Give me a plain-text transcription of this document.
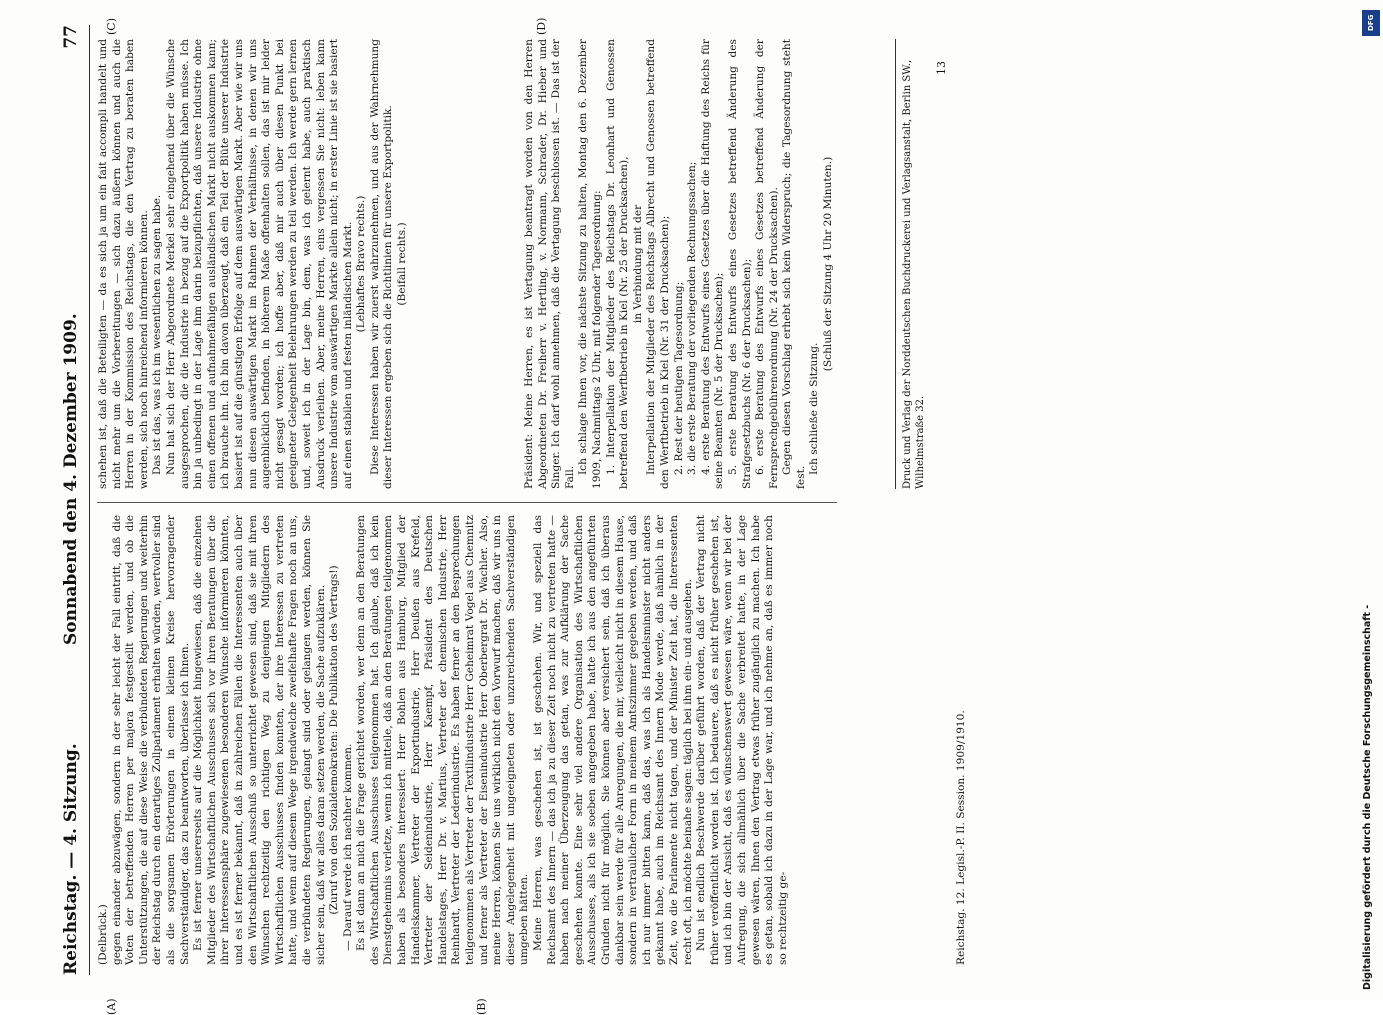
Reichstag. — 4. Sitzung.
Sonnabend den 4. Dezember 1909.
77

(Delbrück.) gegen einander abzuwägen, sondern in der sehr leicht der Fall eintritt, daß die Voten der betreffenden Herren per majora festgestellt werden, und ob die Unterstützungen, die auf diese Weise die verbündeten Regierungen und weiterhin der Reichstag durch ein derartiges Zollparlament erhalten würden, wertvoller sind als die sorgsamen Erörterungen in einem kleinen Kreise hervorragender Sachverständiger, das zu beantworten, überlasse ich Ihnen. Es ist ferner unsererseits auf die Möglichkeit hingewiesen, daß die einzelnen Mitglieder des Wirtschaftlichen Ausschusses sich vor ihren Beratungen über die ihrer Interessensphäre zugewiesenen besonderen Wünsche informieren könnten, und es ist ferner bekannt, daß in zahlreichen Fällen die Interessenten auch über den Wirtschaftlichen Ausschuß so unterrichtet gewesen sind, daß sie mit ihren Wünschen rechtzeitig den richtigen Weg zu denjenigen Mitgliedern des Wirtschaftlichen Ausschusses finden konnten, der ihre Interessen zu vertreten hatte, und wenn auf diesem Wege irgendwelche zweifelhafte Fragen noch an uns, die verbündeten Regierungen, gelangt sind oder gelangen werden, können Sie sicher sein, daß wir alles daran setzen werden, die Sache aufzuklären. (Zuruf von den Sozialdemokraten: Die Publikation des Vertrags!) — Darauf werde ich nachher kommen. Es ist dann an mich die Frage gerichtet worden, wer denn an den Beratungen des Wirtschaftlichen Ausschusses teilgenommen hat. Ich glaube, daß ich kein Dienstgeheimnis verletze, wenn ich mitteile, daß an den Beratungen teilgenommen haben als besonders interessiert: Herr Bohlen aus Hamburg, Mitglied der Handelskammer, Vertreter der Exportindustrie, Herr Deußen aus Krefeld, Vertreter der Seidenindustrie, Herr Kaempf, Präsident des Deutschen Handelstages, Herr Dr. v. Martius, Vertreter der chemischen Industrie, Herr Reinhardt, Vertreter der Lederindustrie. Es haben ferner an den Besprechungen teilgenommen als Vertreter der Textilindustrie Herr Geheimrat Vogel aus Chemnitz und ferner als Vertreter der Eisenindustrie Herr Oberbergrat Dr. Wachler. Also, meine Herren, können Sie uns wirklich nicht den Vorwurf machen, daß wir uns in dieser Angelegenheit mit ungeeigneten oder unzureichenden Sachverständigen umgeben hätten. Meine Herren, was geschehen ist, ist geschehen. Wir, und speziell das Reichsamt des Innern — das ich ja zu dieser Zeit noch nicht zu vertreten hatte — haben nach meiner Überzeugung das getan, was zur Aufklärung der Sache geschehen konnte. Eine sehr viel andere Organisation des Wirtschaftlichen Ausschusses, als ich sie soeben angegeben habe, hatte ich aus den angeführten Gründen nicht für möglich. Sie können aber versichert sein, daß ich überaus dankbar sein werde für alle Anregungen, die mir, vielleicht nicht in diesem Hause, sondern in vertraulicher Form in meinem Amtszimmer gegeben werden, und daß ich nur immer bitten kann, daß das, was ich als Handelsminister nicht anders gekannt habe, auch im Reichsamt des Innern Mode werde, daß nämlich in der Zeit, wo die Parlamente nicht tagen, und der Minister Zeit hat, die Interessenten recht oft, ich möchte beinahe sagen: täglich bei ihm ein- und ausgehen. Nun ist endlich Beschwerde darüber geführt worden, daß der Vertrag nicht früher veröffentlicht worden ist. Ich bedauere, daß es nicht früher geschehen ist, und ich bin der Ansicht, daß es wünschenswert gewesen wäre, wenn wir bei der Aufregung, die sich allmählich über die Sache verbreitet hatte, in der Lage gewesen wären, Ihnen den Vertrag etwas früher zugänglich zu machen. Ich habe es getan, sobald ich dazu in der Lage war, und ich nehme an, daß es immer noch so rechtzeitig ge-

schehen ist, daß die Beteiligten — da es sich ja um ein fait accompli handelt und nicht mehr um die Vorbereitungen — sich dazu äußern können und auch die Herren in der Kommission des Reichstags, die den Vertrag zu beraten haben werden, sich noch hinreichend informieren können. Das ist das, was ich im wesentlichen zu sagen habe. Nun hat sich der Herr Abgeordnete Merkel sehr eingehend über die Wünsche ausgesprochen, die die Industrie in bezug auf die Exportpolitik haben müsse. Ich bin ja unbedingt in der Lage ihm darin beizupflichten, daß unsere Industrie ohne einen offenen und aufnahmefähigen ausländischen Markt nicht auskommen kann; ich brauche ihn. Ich bin davon überzeugt, daß ein Teil der Blüte unserer Industrie basiert ist auf die günstigen Erfolge auf dem auswärtigen Markt. Aber wie wir uns nun diesen auswärtigen Markt im Rahmen der Verhältnisse, in denen wir uns augenblicklich befinden, in höherem Maße offenhalten sollen, das ist mir leider nicht gesagt worden; ich hoffe aber, daß mir auch über diesen Punkt bei geeigneter Gelegenheit Belehrungen werden zu teil werden. Ich werde gern lernen und, soweit ich in der Lage bin, dem, was ich gelernt habe, auch praktisch Ausdruck verleihen. Aber, meine Herren, eins vergessen Sie nicht: leben kann unsere Industrie vom auswärtigen Markte allein nicht; in erster Linie ist sie basiert auf einen stabilen und festen inländischen Markt. (Lebhaftes Bravo rechts.) Diese Interessen haben wir zuerst wahrzunehmen, und aus der Wahrnehmung dieser Interessen ergeben sich die Richtlinien für unsere Exportpolitik. (Beifall rechts.)	Präsident: Meine Herren, es ist Vertagung beantragt worden von den Herren Abgeordneten Dr. Freiherr v. Hertling, v. Normann, Schrader, Dr. Hieber und Singer. Ich darf wohl annehmen, daß die Vertagung beschlossen ist. — Das ist der Fall.

Ich schlage Ihnen vor, die nächste Sitzung zu halten, Montag den 6. Dezember 1909, Nachmittags 2 Uhr, mit folgender Tagesordnung: 1. Interpellation der Mitglieder des Reichstags Dr. Leonhart und Genossen betreffend den Werftbetrieb in Kiel (Nr. 25 der Drucksachen), in Verbindung mit der Interpellation der Mitglieder des Reichstags Albrecht und Genossen betreffend den Werftbetrieb in Kiel (Nr. 31 der Drucksachen); 2. Rest der heutigen Tagesordnung; 3. die erste Beratung der vorliegenden Rechnungssachen; 4. erste Beratung des Entwurfs eines Gesetzes über die Haftung des Reichs für seine Beamten (Nr. 5 der Drucksachen); 5. erste Beratung des Entwurfs eines Gesetzes betreffend Änderung des Strafgesetzbuchs (Nr. 6 der Drucksachen); 6. erste Beratung des Entwurfs eines Gesetzes betreffend Änderung der Fernsprechgebührenordnung (Nr. 24 der Drucksachen). Gegen diesen Vorschlag erhebt sich kein Widerspruch; die Tagesordnung steht fest.

Ich schließe die Sitzung.

(Schluß der Sitzung 4 Uhr 20 Minuten.)

Reichstag. 12. Legisl.-P. II. Session. 1909/1910.
Druck und Verlag der Norddeutschen Buchdruckerei und Verlagsanstalt, Berlin SW., Wilhelmstraße 32.
13
(A)	(B)
(C)	(D)	DFG
Digitalisierung gefördert durch die Deutsche Forschungsgemeinschaft -
